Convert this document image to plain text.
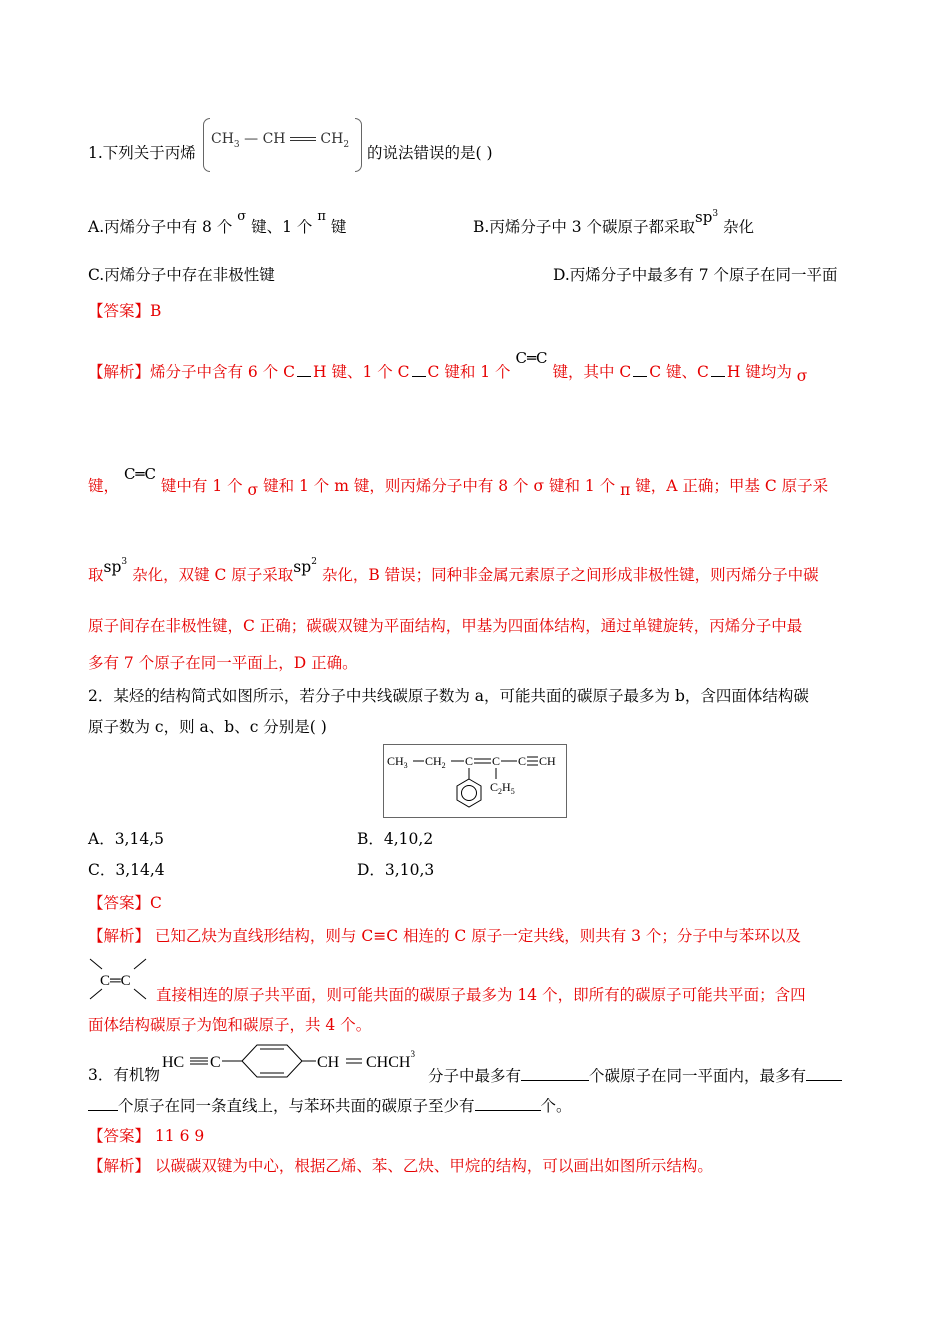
1.下列关于丙烯
$CH_3$ — CH $CH_2$ 的说法错误的是( )
A.丙烯分子中有 8 个 $^\sigma$ 键、1 个 $^\pi$ 键	B.丙烯分子中 3 个碳原子都采取$sp^3$ 杂化
C.丙烯分子中存在非极性键	D.丙烯分子中最多有 7 个原子在同一平面
【答案】B
【解析】烯分子中含有 6 个 C H 键、1 个 C C 键和 1 个 C═C 键，其中 C C 键、C H 键均为 σ
键， C═C 键中有 1 个 σ 键和 1 个 m 键，则丙烯分子中有 8 个 σ 键和 1 个 π 键，A 正确；甲基 C 原子采
取$sp^3$ 杂化，双键 C 原子采取$sp^2$ 杂化，B 错误；同种非金属元素原子之间形成非极性键，则丙烯分子中碳
原子间存在非极性键，C 正确；碳碳双键为平面结构，甲基为四面体结构，通过单键旋转，丙烯分子中最
多有 7 个原子在同一平面上，D 正确。
2．某烃的结构简式如图所示，若分子中共线碳原子数为 a，可能共面的碳原子最多为 b，含四面体结构碳
原子数为 c，则 a、b、c 分别是( )
$CH_3$ $CH_2$ C C C CH
$C_2H_5$
A．3,14,5	B．4,10,2
C．3,14,4	D．3,10,3
【答案】C
【解析】 已知乙炔为直线形结构，则与 C≡C 相连的 C 原子一定共线，则共有 3 个；分子中与苯环以及
C═C
直接相连的原子共平面，则可能共面的碳原子最多为 14 个，即所有的碳原子可能共平面；含四
面体结构碳原子为饱和碳原子，共 4 个。
3．有机物
HC C	CH CHCH$^3$
分子中最多有	个碳原子在同一平面内，最多有
个原子在同一条直线上，与苯环共面的碳原子至少有	个。
【答案】 11 6 9
【解析】 以碳碳双键为中心，根据乙烯、苯、乙炔、甲烷的结构，可以画出如图所示结构。
